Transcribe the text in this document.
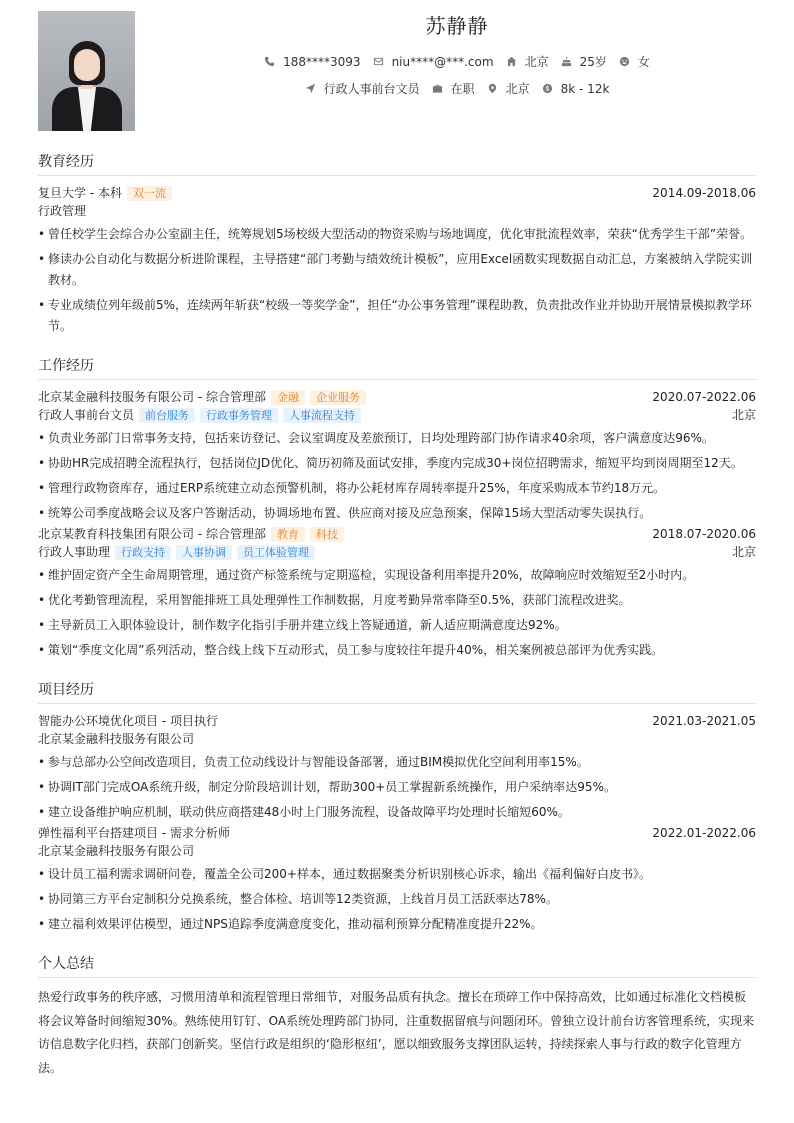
苏静静
188****3093	niu****@***.com	北京	25岁	女
行政人事前台文员	在职	北京	8k - 12k
教育经历
复旦大学 - 本科	双一流	2014.09-2018.06
行政管理
• 曾任校学生会综合办公室副主任，统筹规划5场校级大型活动的物资采购与场地调度，优化审批流程效率，荣获“优秀学生干部”荣誉。
• 修读办公自动化与数据分析进阶课程，主导搭建“部门考勤与绩效统计模板”，应用Excel函数实现数据自动汇总，方案被纳入学院实训教材。
• 专业成绩位列年级前5%，连续两年斩获“校级一等奖学金”，担任“办公事务管理”课程助教，负责批改作业并协助开展情景模拟教学环节。
工作经历
北京某金融科技服务有限公司 - 综合管理部	金融	企业服务	2020.07-2022.06
行政人事前台文员	前台服务	行政事务管理	人事流程支持	北京
• 负责业务部门日常事务支持，包括来访登记、会议室调度及差旅预订，日均处理跨部门协作请求40余项，客户满意度达96%。
• 协助HR完成招聘全流程执行，包括岗位JD优化、简历初筛及面试安排，季度内完成30+岗位招聘需求，缩短平均到岗周期至12天。
• 管理行政物资库存，通过ERP系统建立动态预警机制，将办公耗材库存周转率提升25%，年度采购成本节约18万元。
• 统筹公司季度战略会议及客户答谢活动，协调场地布置、供应商对接及应急预案，保障15场大型活动零失误执行。
北京某教育科技集团有限公司 - 综合管理部	教育	科技	2018.07-2020.06
行政人事助理	行政支持	人事协调	员工体验管理	北京
• 维护固定资产全生命周期管理，通过资产标签系统与定期巡检，实现设备利用率提升20%，故障响应时效缩短至2小时内。
• 优化考勤管理流程，采用智能排班工具处理弹性工作制数据，月度考勤异常率降至0.5%，获部门流程改进奖。
• 主导新员工入职体验设计，制作数字化指引手册并建立线上答疑通道，新人适应期满意度达92%。
• 策划“季度文化周”系列活动，整合线上线下互动形式，员工参与度较往年提升40%，相关案例被总部评为优秀实践。
项目经历
智能办公环境优化项目 - 项目执行	2021.03-2021.05
北京某金融科技服务有限公司
• 参与总部办公空间改造项目，负责工位动线设计与智能设备部署，通过BIM模拟优化空间利用率15%。
• 协调IT部门完成OA系统升级，制定分阶段培训计划，帮助300+员工掌握新系统操作，用户采纳率达95%。
• 建立设备维护响应机制，联动供应商搭建48小时上门服务流程，设备故障平均处理时长缩短60%。
弹性福利平台搭建项目 - 需求分析师	2022.01-2022.06
北京某金融科技服务有限公司
• 设计员工福利需求调研问卷，覆盖全公司200+样本，通过数据聚类分析识别核心诉求，输出《福利偏好白皮书》。
• 协同第三方平台定制积分兑换系统，整合体检、培训等12类资源，上线首月员工活跃率达78%。
• 建立福利效果评估模型，通过NPS追踪季度满意度变化，推动福利预算分配精准度提升22%。
个人总结

热爱行政事务的秩序感，习惯用清单和流程管理日常细节，对服务品质有执念。擅长在琐碎工作中保持高效，比如通过标准化文档模板将会议筹备时间缩短30%。熟练使用钉钉、OA系统处理跨部门协同，注重数据留痕与问题闭环。曾独立设计前台访客管理系统，实现来访信息数字化归档，获部门创新奖。坚信行政是组织的‘隐形枢纽’，愿以细致服务支撑团队运转，持续探索人事与行政的数字化管理方法。
